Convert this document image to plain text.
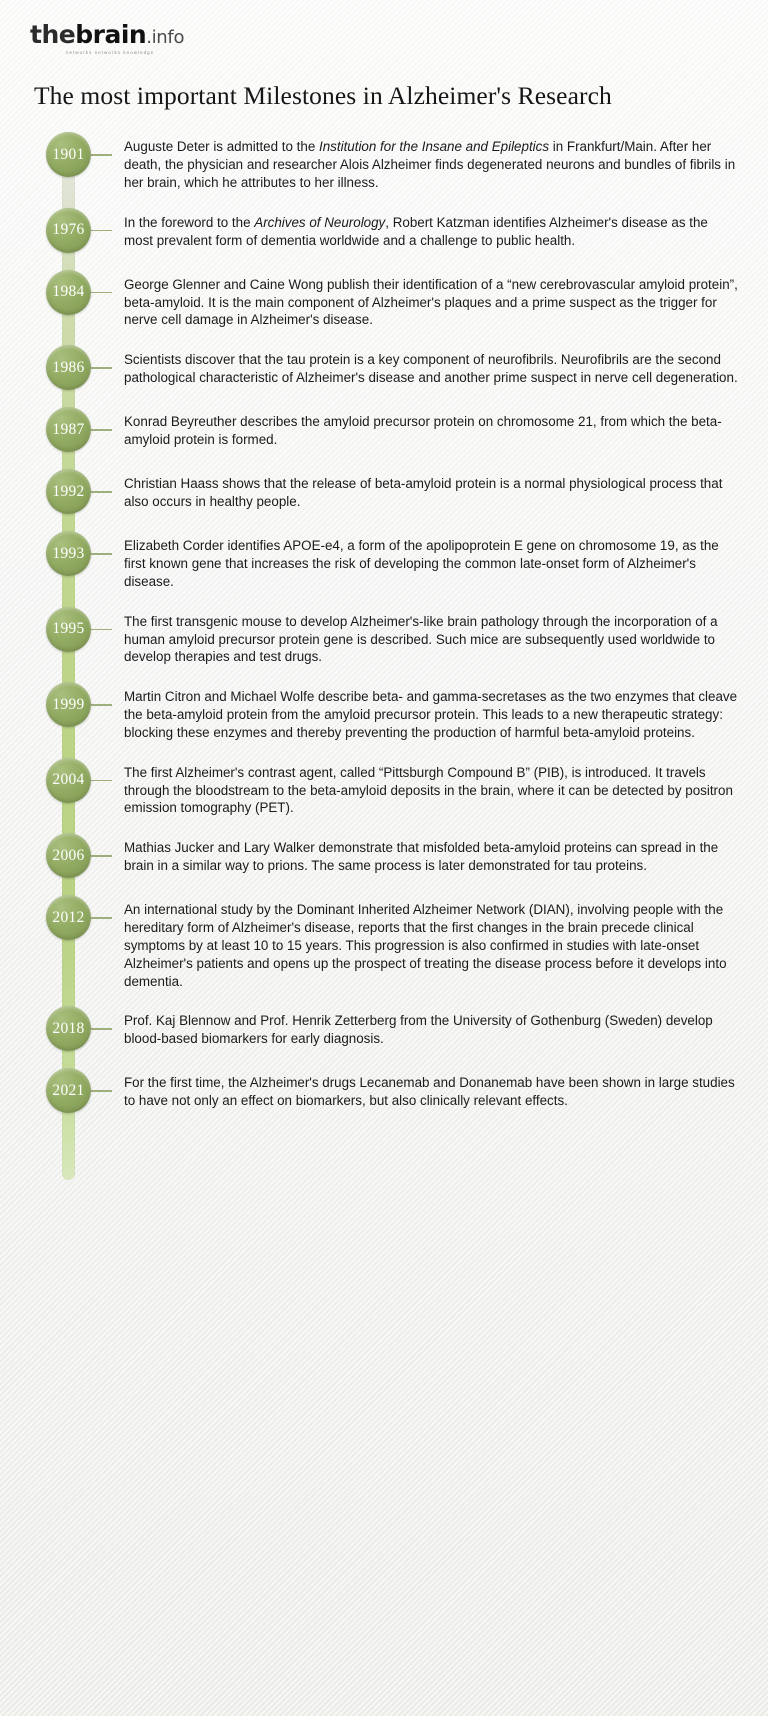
thebrain.info
networks networks knowledge
The most important Milestones in Alzheimer's Research
1901	Auguste Deter is admitted to the Institution for the Insane and Epileptics in Frankfurt/Main. After her death, the physician and researcher Alois Alzheimer finds degenerated neurons and bundles of fibrils in her brain, which he attributes to her illness.
1976	In the foreword to the Archives of Neurology, Robert Katzman identifies Alzheimer's disease as the most prevalent form of dementia worldwide and a challenge to public health.
1984	George Glenner and Caine Wong publish their identification of a “new cerebrovascular amyloid protein”, beta-amyloid. It is the main component of Alzheimer's plaques and a prime suspect as the trigger for nerve cell damage in Alzheimer's disease.
1986	Scientists discover that the tau protein is a key component of neurofibrils. Neurofibrils are the second pathological characteristic of Alzheimer's disease and another prime suspect in nerve cell degeneration.
1987	Konrad Beyreuther describes the amyloid precursor protein on chromosome 21, from which the beta-amyloid protein is formed.
1992	Christian Haass shows that the release of beta-amyloid protein is a normal physiological process that also occurs in healthy people.
1993	Elizabeth Corder identifies APOE-e4, a form of the apolipoprotein E gene on chromosome 19, as the first known gene that increases the risk of developing the common late-onset form of Alzheimer's disease.
1995	The first transgenic mouse to develop Alzheimer's-like brain pathology through the incorporation of a human amyloid precursor protein gene is described. Such mice are subsequently used worldwide to develop therapies and test drugs.
1999	Martin Citron and Michael Wolfe describe beta- and gamma-secretases as the two enzymes that cleave the beta-amyloid protein from the amyloid precursor protein. This leads to a new therapeutic strategy: blocking these enzymes and thereby preventing the production of harmful beta-amyloid proteins.
2004	The first Alzheimer's contrast agent, called “Pittsburgh Compound B” (PIB), is introduced. It travels through the bloodstream to the beta-amyloid deposits in the brain, where it can be detected by positron emission tomography (PET).
2006	Mathias Jucker and Lary Walker demonstrate that misfolded beta-amyloid proteins can spread in the brain in a similar way to prions. The same process is later demonstrated for tau proteins.
2012	An international study by the Dominant Inherited Alzheimer Network (DIAN), involving people with the hereditary form of Alzheimer's disease, reports that the first changes in the brain precede clinical symptoms by at least 10 to 15 years. This progression is also confirmed in studies with late-onset Alzheimer's patients and opens up the prospect of treating the disease process before it develops into dementia.
2018	Prof. Kaj Blennow and Prof. Henrik Zetterberg from the University of Gothenburg (Sweden) develop blood-based biomarkers for early diagnosis.
2021	For the first time, the Alzheimer's drugs Lecanemab and Donanemab have been shown in large studies to have not only an effect on biomarkers, but also clinically relevant effects.
